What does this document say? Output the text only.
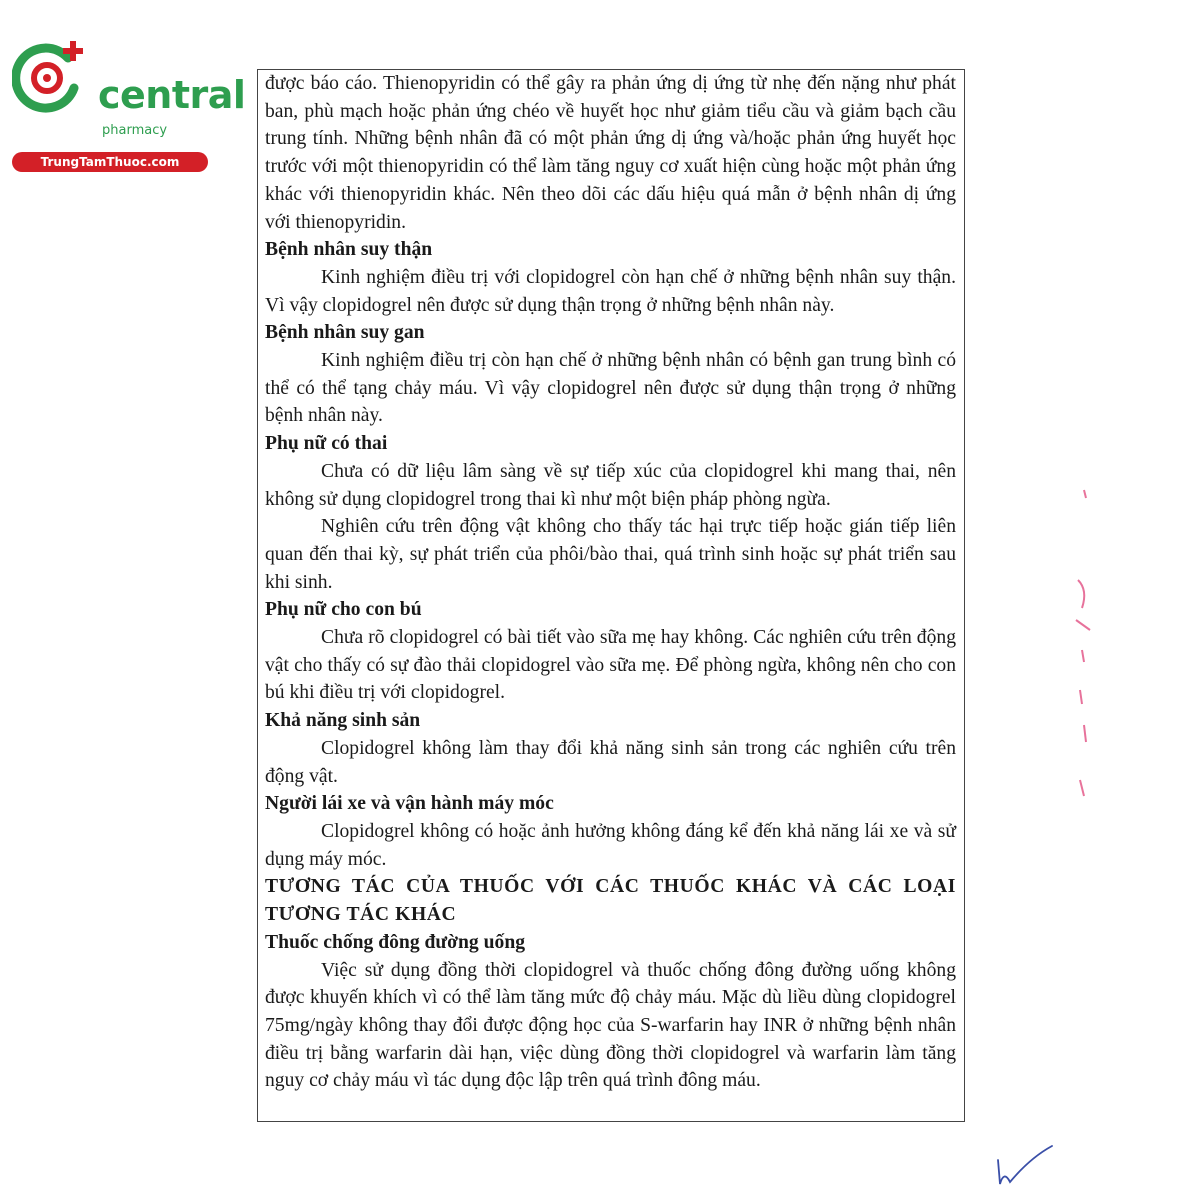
central
pharmacy
TrungTamThuoc.com

được báo cáo. Thienopyridin có thể gây ra phản ứng dị ứng từ nhẹ đến nặng như phát ban, phù mạch hoặc phản ứng chéo về huyết học như giảm tiểu cầu và giảm bạch cầu trung tính. Những bệnh nhân đã có một phản ứng dị ứng và/hoặc phản ứng huyết học trước với một thienopyridin có thể làm tăng nguy cơ xuất hiện cùng hoặc một phản ứng khác với thienopyridin khác. Nên theo dõi các dấu hiệu quá mẫn ở bệnh nhân dị ứng với thienopyridin.

Bệnh nhân suy thận

Kinh nghiệm điều trị với clopidogrel còn hạn chế ở những bệnh nhân suy thận. Vì vậy clopidogrel nên được sử dụng thận trọng ở những bệnh nhân này.

Bệnh nhân suy gan

Kinh nghiệm điều trị còn hạn chế ở những bệnh nhân có bệnh gan trung bình có thể có thể tạng chảy máu. Vì vậy clopidogrel nên được sử dụng thận trọng ở những bệnh nhân này.

Phụ nữ có thai

Chưa có dữ liệu lâm sàng về sự tiếp xúc của clopidogrel khi mang thai, nên không sử dụng clopidogrel trong thai kì như một biện pháp phòng ngừa.

Nghiên cứu trên động vật không cho thấy tác hại trực tiếp hoặc gián tiếp liên quan đến thai kỳ, sự phát triển của phôi/bào thai, quá trình sinh hoặc sự phát triển sau khi sinh.

Phụ nữ cho con bú

Chưa rõ clopidogrel có bài tiết vào sữa mẹ hay không. Các nghiên cứu trên động vật cho thấy có sự đào thải clopidogrel vào sữa mẹ. Để phòng ngừa, không nên cho con bú khi điều trị với clopidogrel.

Khả năng sinh sản

Clopidogrel không làm thay đổi khả năng sinh sản trong các nghiên cứu trên động vật.

Người lái xe và vận hành máy móc

Clopidogrel không có hoặc ảnh hưởng không đáng kể đến khả năng lái xe và sử dụng máy móc.

TƯƠNG TÁC CỦA THUỐC VỚI CÁC THUỐC KHÁC VÀ CÁC LOẠI TƯƠNG TÁC KHÁC
Thuốc chống đông đường uống

Việc sử dụng đồng thời clopidogrel và thuốc chống đông đường uống không được khuyến khích vì có thể làm tăng mức độ chảy máu. Mặc dù liều dùng clopidogrel 75mg/ngày không thay đổi được động học của S-warfarin hay INR ở những bệnh nhân điều trị bằng warfarin dài hạn, việc dùng đồng thời clopidogrel và warfarin làm tăng nguy cơ chảy máu vì tác dụng độc lập trên quá trình đông máu.
